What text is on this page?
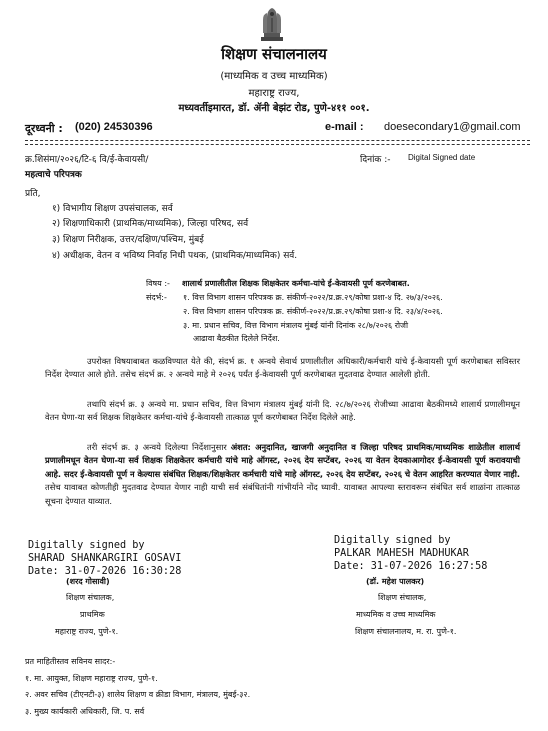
शिक्षण संचालनालय
(माध्यमिक व उच्च माध्यमिक)
महाराष्ट्र राज्य,
मध्यवर्तीइमारत, डॉ. ॲनी बेझंट रोड, पुणे-४११ ००१.
दूरध्वनी : (020) 24530396	e-mail : doesecondary1@gmail.com
क्र.शिसंमा/२०२६/टि-६ वि/ई-केवायसी/	दिनांक :- Digital Signed date
महत्वाचे परिपत्रक
प्रति,
१) विभागीय शिक्षण उपसंचालक, सर्व
२) शिक्षणाधिकारी (प्राथमिक/माध्यमिक), जिल्हा परिषद, सर्व
३) शिक्षण निरीक्षक, उत्तर/दक्षिण/पश्चिम, मुंबई
४) अधीक्षक, वेतन व भविष्य निर्वाह निधी पथक, (प्राथमिक/माध्यमिक) सर्व.
विषय :- शालार्थ प्रणालीतील शिक्षक शिक्षकेतर कर्मचा-यांचे ई-केवायसी पूर्ण करणेबाबत.
संदर्भ:- १. वित्त विभाग शासन परिपत्रक क्र. संकीर्ण-२०२२/प्र.क्र.२९/कोषा प्रशा-४ दि. २७/३/२०२६.
२. वित्त विभाग शासन परिपत्रक क्र. संकीर्ण-२०२२/प्र.क्र.२९/कोषा प्रशा-४ दि. २३/४/२०२६.
३. मा. प्रधान सचिव, वित्त विभाग मंत्रालय मुंबई यांनी दिनांक २८/७/२०२६ रोजी
आढावा बैठकीत दिलेले निर्देश.
उपरोक्त विषयाबाबत कळविण्यात येते की, संदर्भ क्र. १ अन्वये सेवार्थ प्रणालीतील अधिकारी/कर्मचारी यांचे ई-केवायसी पूर्ण करणेबाबत सविस्तर निर्देश देण्यात आले होते. तसेच संदर्भ क्र. २ अन्वये माहे मे २०२६ पर्यंत ई-केवायसी पूर्ण करणेबाबत मुदतवाढ देण्यात आलेली होती.
तथापि संदर्भ क्र. ३ अन्वये मा. प्रधान सचिव, वित्त विभाग मंत्रालय मुंबई यांनी दि. २८/७/२०२६ रोजीच्या आढावा बैठकीमध्ये शालार्थ प्रणालीमधून वेतन घेणा-या सर्व शिक्षक शिक्षकेतर कर्मचा-यांचे ई-केवायसी तात्काळ पूर्ण करणेबाबत निर्देश दिलेले आहे.
तरी संदर्भ क्र. ३ अन्वये दिलेल्या निर्देशानुसार अंशत: अनुदानित, खाजगी अनुदानित व जिल्हा परिषद प्राथमिक/माध्यमिक शाळेतील शालार्थ प्रणालीमधून वेतन घेणा-या सर्व शिक्षक शिक्षकेतर कर्मचारी यांचे माहे ऑगस्ट, २०२६ देय सप्टेंबर, २०२६ या वेतन देयकाआगोदर ई-केवायसी पूर्ण करावयाची आहे. सदर ई-केवायसी पूर्ण न केल्यास संबंधित शिक्षक/शिक्षकेतर कर्मचारी यांचे माहे ऑगस्ट, २०२६ देय सप्टेंबर, २०२६ चे वेतन आहरित करण्यात येणार नाही. तसेच यावाबत कोणतीही मुदतवाढ देण्यात येणार नाही याची सर्व संबंधितांनी गांभीर्याने नोंद घ्यावी. यावाबत आपल्या स्तरावरून संबंधित सर्व शाळांना तात्काळ सूचना देण्यात याव्यात.
Digitally signed by
SHARAD SHANKARGIRI GOSAVI
Date: 31-07-2026 16:30:28
(शरद गोसावी)
शिक्षण संचालक,
प्राथमिक
महाराष्ट्र राज्य, पुणे-१.
Digitally signed by
PALKAR MAHESH MADHUKAR
Date: 31-07-2026 16:27:58
(डॉ. महेश पालकर)
शिक्षण संचालक,
माध्यमिक व उच्च माध्यमिक
शिक्षण संचालनालय, म. रा. पुणे-१.
प्रत माहितीस्तव सविनय सादर:-
१. मा. आयुक्त, शिक्षण महाराष्ट्र राज्य, पुणे-१.
२. अवर सचिव (टीएनटी-३) शालेय शिक्षण व क्रीडा विभाग, मंत्रालय, मुंबई-३२.
३. मुख्य कार्यकारी अधिकारी, जि. प. सर्व
